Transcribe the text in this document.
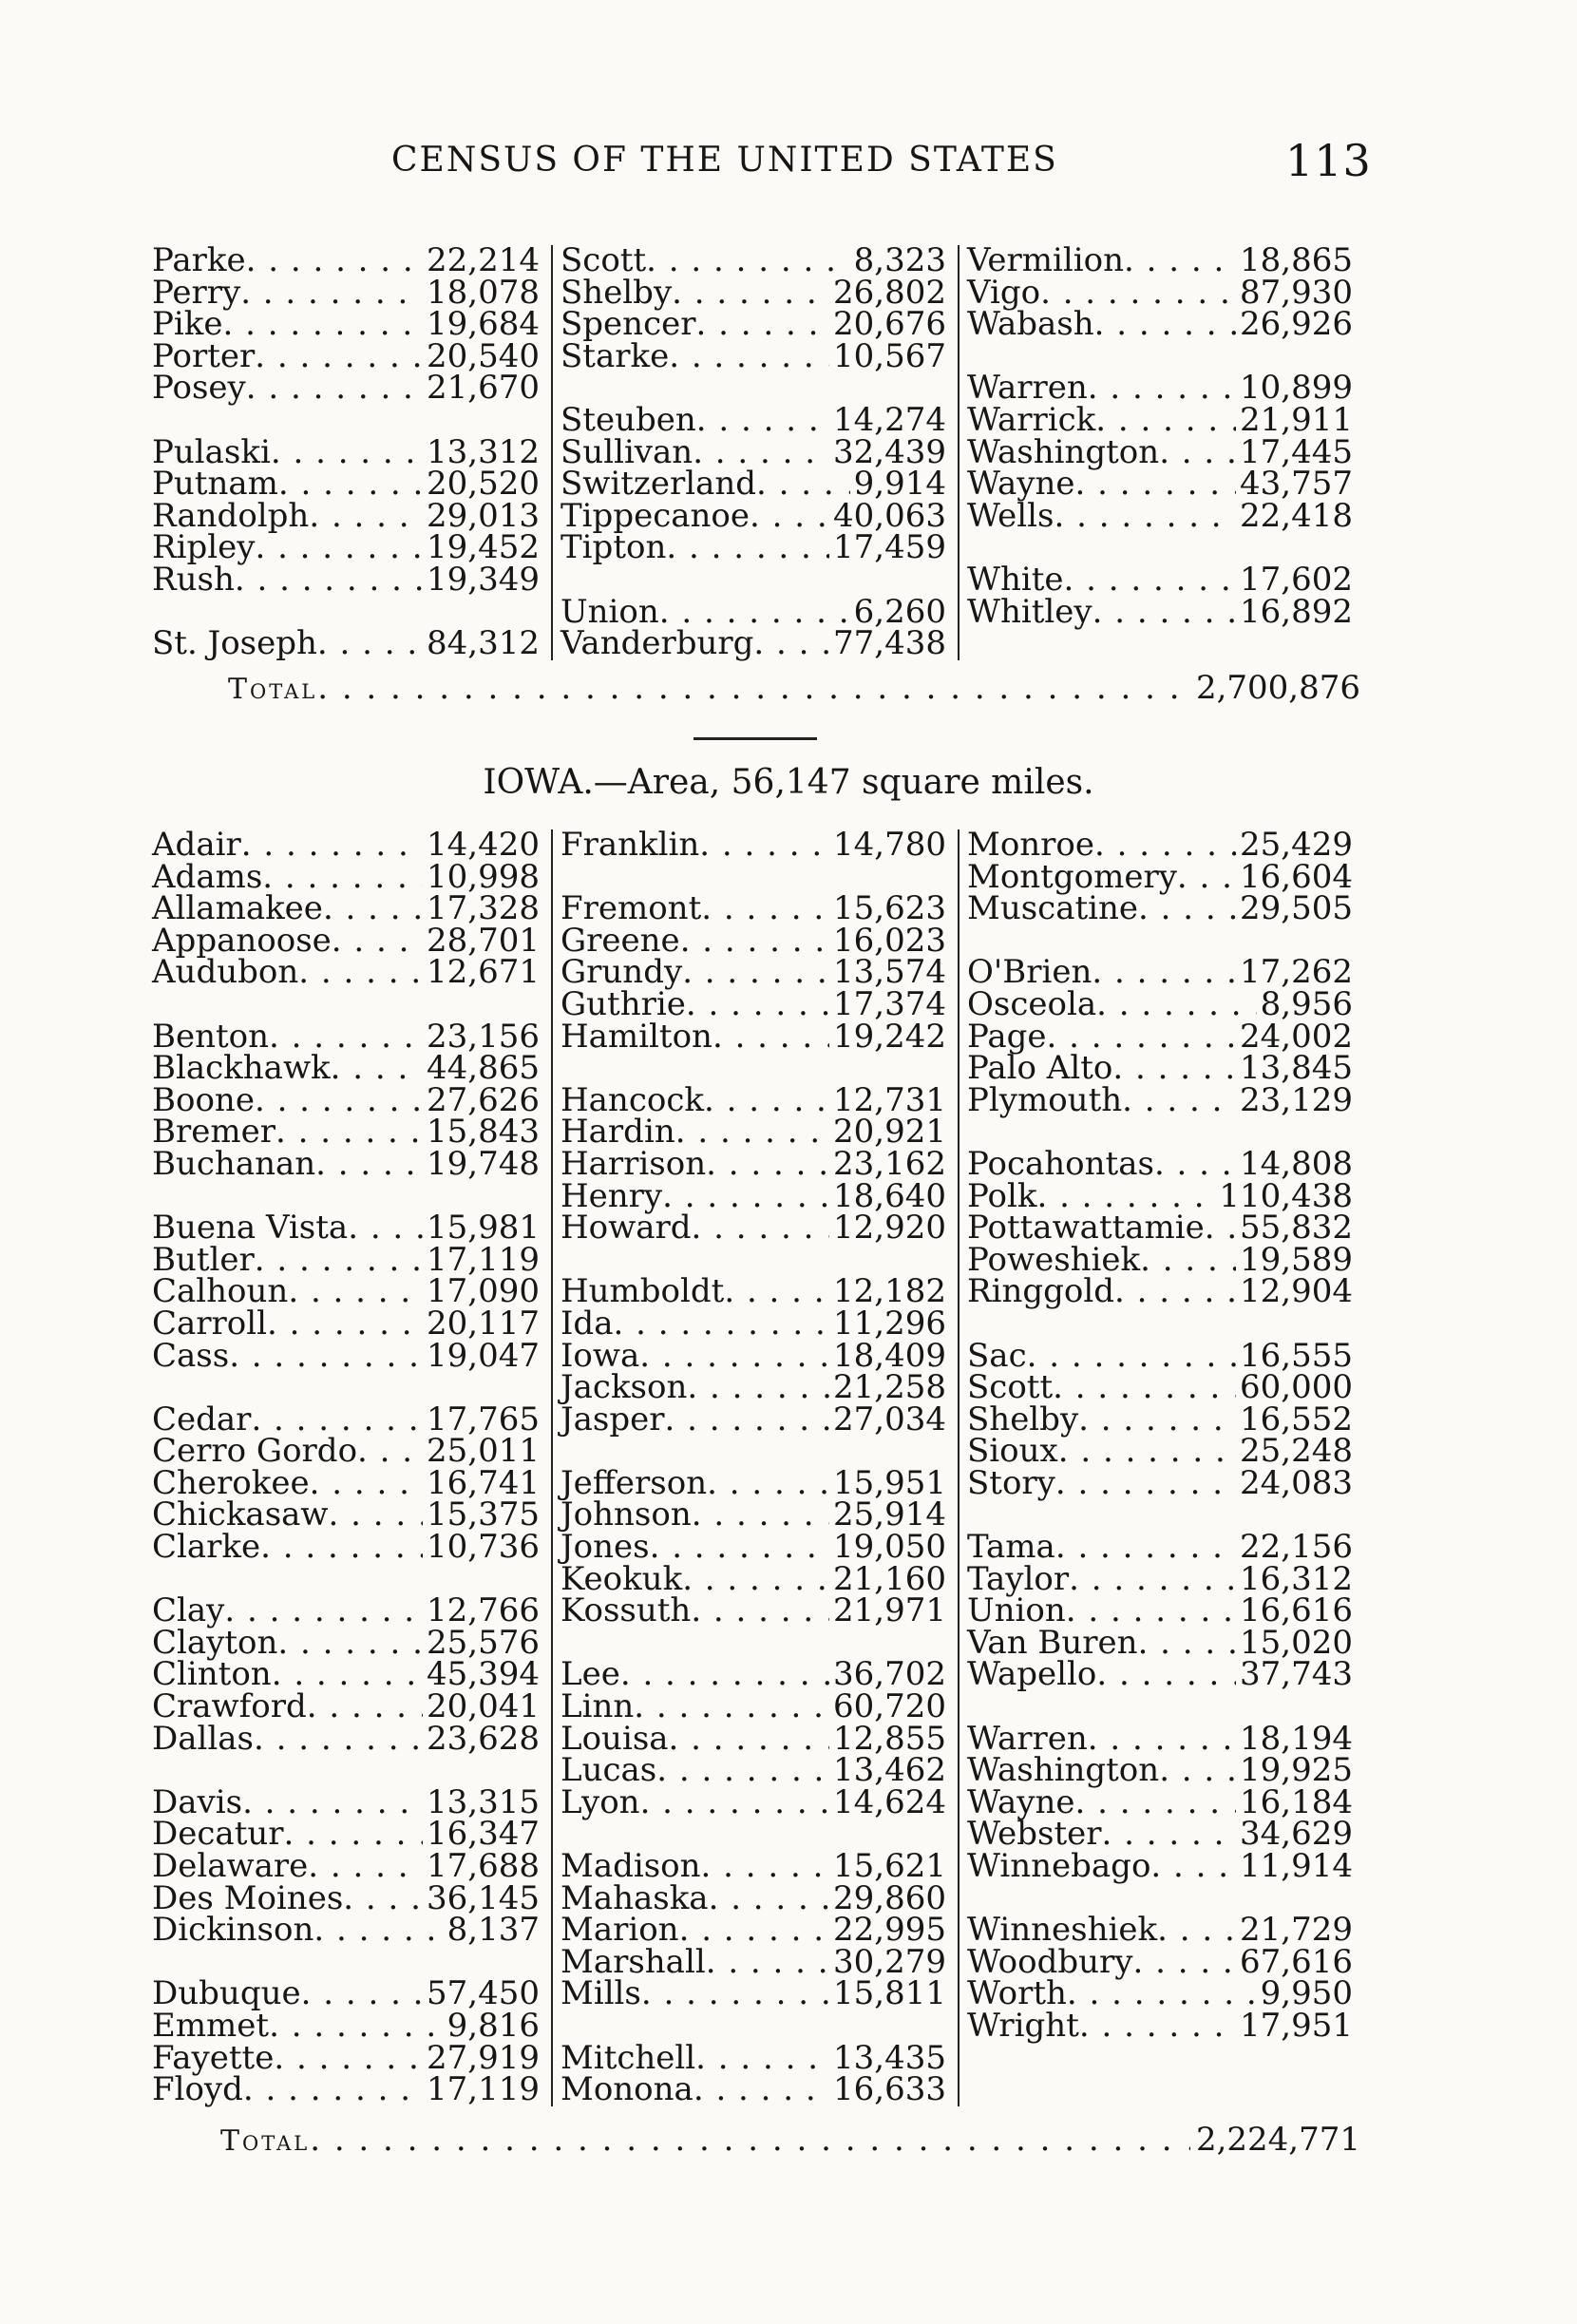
CENSUS OF THE UNITED STATES	113
Parke . . .	22,214
Perry . . .	18,078
Pike . . .	19,684
Porter . . .	20,540
Posey . . .	21,670
Pulaski . . .	13,312
Putnam . . .	20,520
Randolph . . .	29,013
Ripley . . .	19,452
Rush . . .	19,349
St. Joseph . . .	84,312
Scott . . .	8,323
Shelby . . .	26,802
Spencer . . .	20,676
Starke . . .	10,567
Steuben . . .	14,274
Sullivan . . .	32,439
Switzerland . . .	9,914
Tippecanoe . . .	40,063
Tipton . . .	17,459
Union . . .	6,260
Vanderburg . . . 77,438
Vermilion . . .	18,865
Vigo . . .	87,930
Wabash . . .	26,926
Warren . . .	10,899
Warrick . . .	21,911
Washington . . . 17,445
Wayne . . .	43,757
Wells . . .	22,418
White . . .	17,602
Whitley . . .	16,892
Total . . .	2,700,876
IOWA.—Area, 56,147 square miles.
Adair . . .	14,420
Adams . . .	10,998
Allamakee . . .	17,328
Appanoose . . .	28,701
Audubon . . .	12,671
Benton . . .	23,156
Blackhawk . . .	44,865
Boone . . .	27,626
Bremer . . .	15,843
Buchanan . . .	19,748
Buena Vista . . . 15,981
Butler . . .	17,119
Calhoun . . .	17,090
Carroll . . .	20,117
Cass . . .	19,047
Cedar . . .	17,765
Cerro Gordo . . . 25,011
Cherokee . . .	16,741
Chickasaw . . .	15,375
Clarke . . .	10,736
Clay . . .	12,766
Clayton . . .	25,576
Clinton . . .	45,394
Crawford . . .	20,041
Dallas . . .	23,628
Davis . . .	13,315
Decatur . . .	16,347
Delaware . . .	17,688
Des Moines . . .	36,145
Dickinson . . .	8,137
Dubuque . . .	57,450
Emmet . . .	9,816
Fayette . . .	27,919
Floyd . . .	17,119
Franklin . . .	14,780
Fremont . . .	15,623
Greene . . .	16,023
Grundy . . .	13,574
Guthrie . . .	17,374
Hamilton . . .	19,242
Hancock . . .	12,731
Hardin . . .	20,921
Harrison . . .	23,162
Henry . . .	18,640
Howard . . .	12,920
Humboldt . . .	12,182
Ida . . .	11,296
Iowa . . .	18,409
Jackson . . .	21,258
Jasper . . .	27,034
Jefferson . . .	15,951
Johnson . . .	25,914
Jones . . .	19,050
Keokuk . . .	21,160
Kossuth . . .	21,971
Lee . . .	36,702
Linn . . .	60,720
Louisa . . .	12,855
Lucas . . .	13,462
Lyon . . .	14,624
Madison . . .	15,621
Mahaska . . .	29,860
Marion . . .	22,995
Marshall . . .	30,279
Mills . . .	15,811
Mitchell . . .	13,435
Monona . . .	16,633
Monroe . . .	25,429
Montgomery . . . 16,604
Muscatine . . .	29,505
O'Brien . . .	17,262
Osceola . . .	8,956
Page . . .	24,002
Palo Alto . . .	13,845
Plymouth . . .	23,129
Pocahontas . . .	14,808
Polk . . .	110,438
Pottawattamie . . . 55,832
Poweshiek . . .	19,589
Ringgold . . .	12,904
Sac . . .	16,555
Scott . . .	60,000
Shelby . . .	16,552
Sioux . . .	25,248
Story . . .	24,083
Tama . . .	22,156
Taylor . . .	16,312
Union . . .	16,616
Van Buren . . .	15,020
Wapello . . .	37,743
Warren . . .	18,194
Washington . . . 19,925
Wayne . . .	16,184
Webster . . .	34,629
Winnebago . . .	11,914
Winneshiek . . .	21,729
Woodbury . . .	67,616
Worth . . .	9,950
Wright . . .	17,951
Total . . .	2,224,771
